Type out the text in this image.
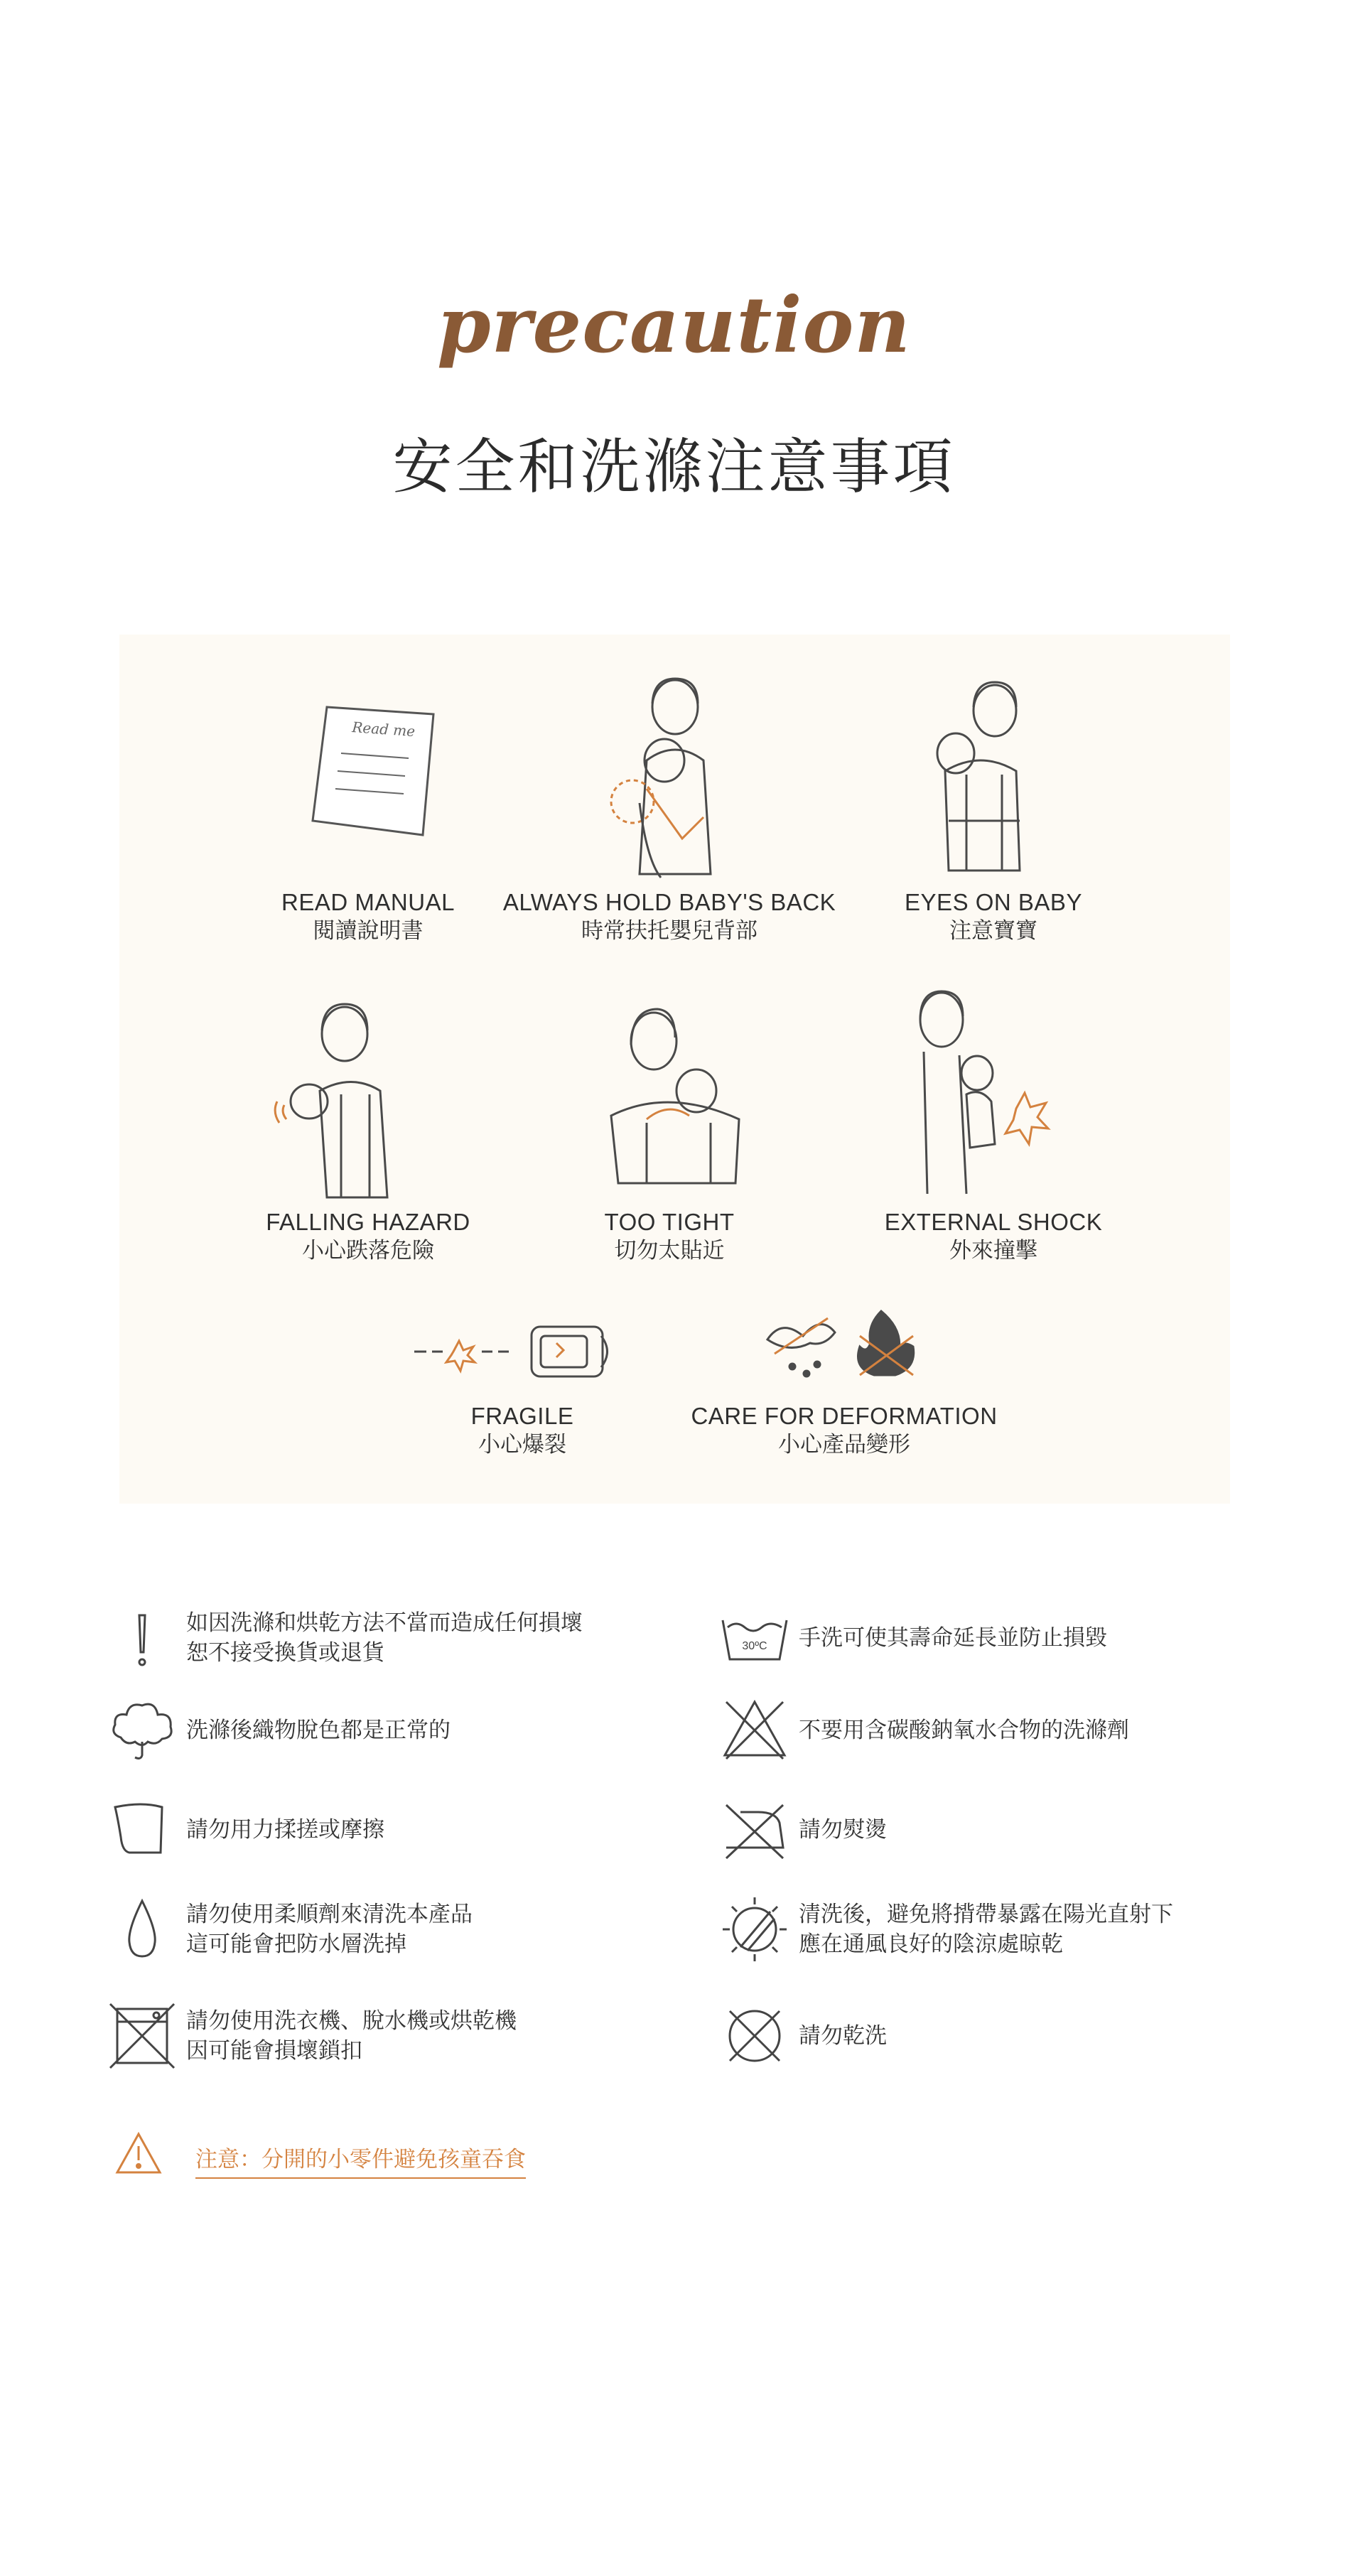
precaution
安全和洗滌注意事項
Read me
READ MANUAL
閱讀說明書
ALWAYS HOLD BABY'S BACK
時常扶托嬰兒背部
EYES ON BABY
注意寶寶
FALLING HAZARD
小心跌落危險
TOO TIGHT
切勿太貼近
EXTERNAL SHOCK
外來撞擊
FRAGILE
小心爆裂
CARE FOR DEFORMATION
小心產品變形
如因洗滌和烘乾方法不當而造成任何損壞
恕不接受換貨或退貨
洗滌後織物脫色都是正常的
請勿用力揉搓或摩擦
請勿使用柔順劑來清洗本產品
這可能會把防水層洗掉
請勿使用洗衣機、脫水機或烘乾機
因可能會損壞鎖扣
30ºC 手洗可使其壽命延長並防止損毀
不要用含碳酸鈉氧水合物的洗滌劑
請勿熨燙
清洗後，避免將揹帶暴露在陽光直射下
應在通風良好的陰涼處晾乾
請勿乾洗
注意：分開的小零件避免孩童吞食
